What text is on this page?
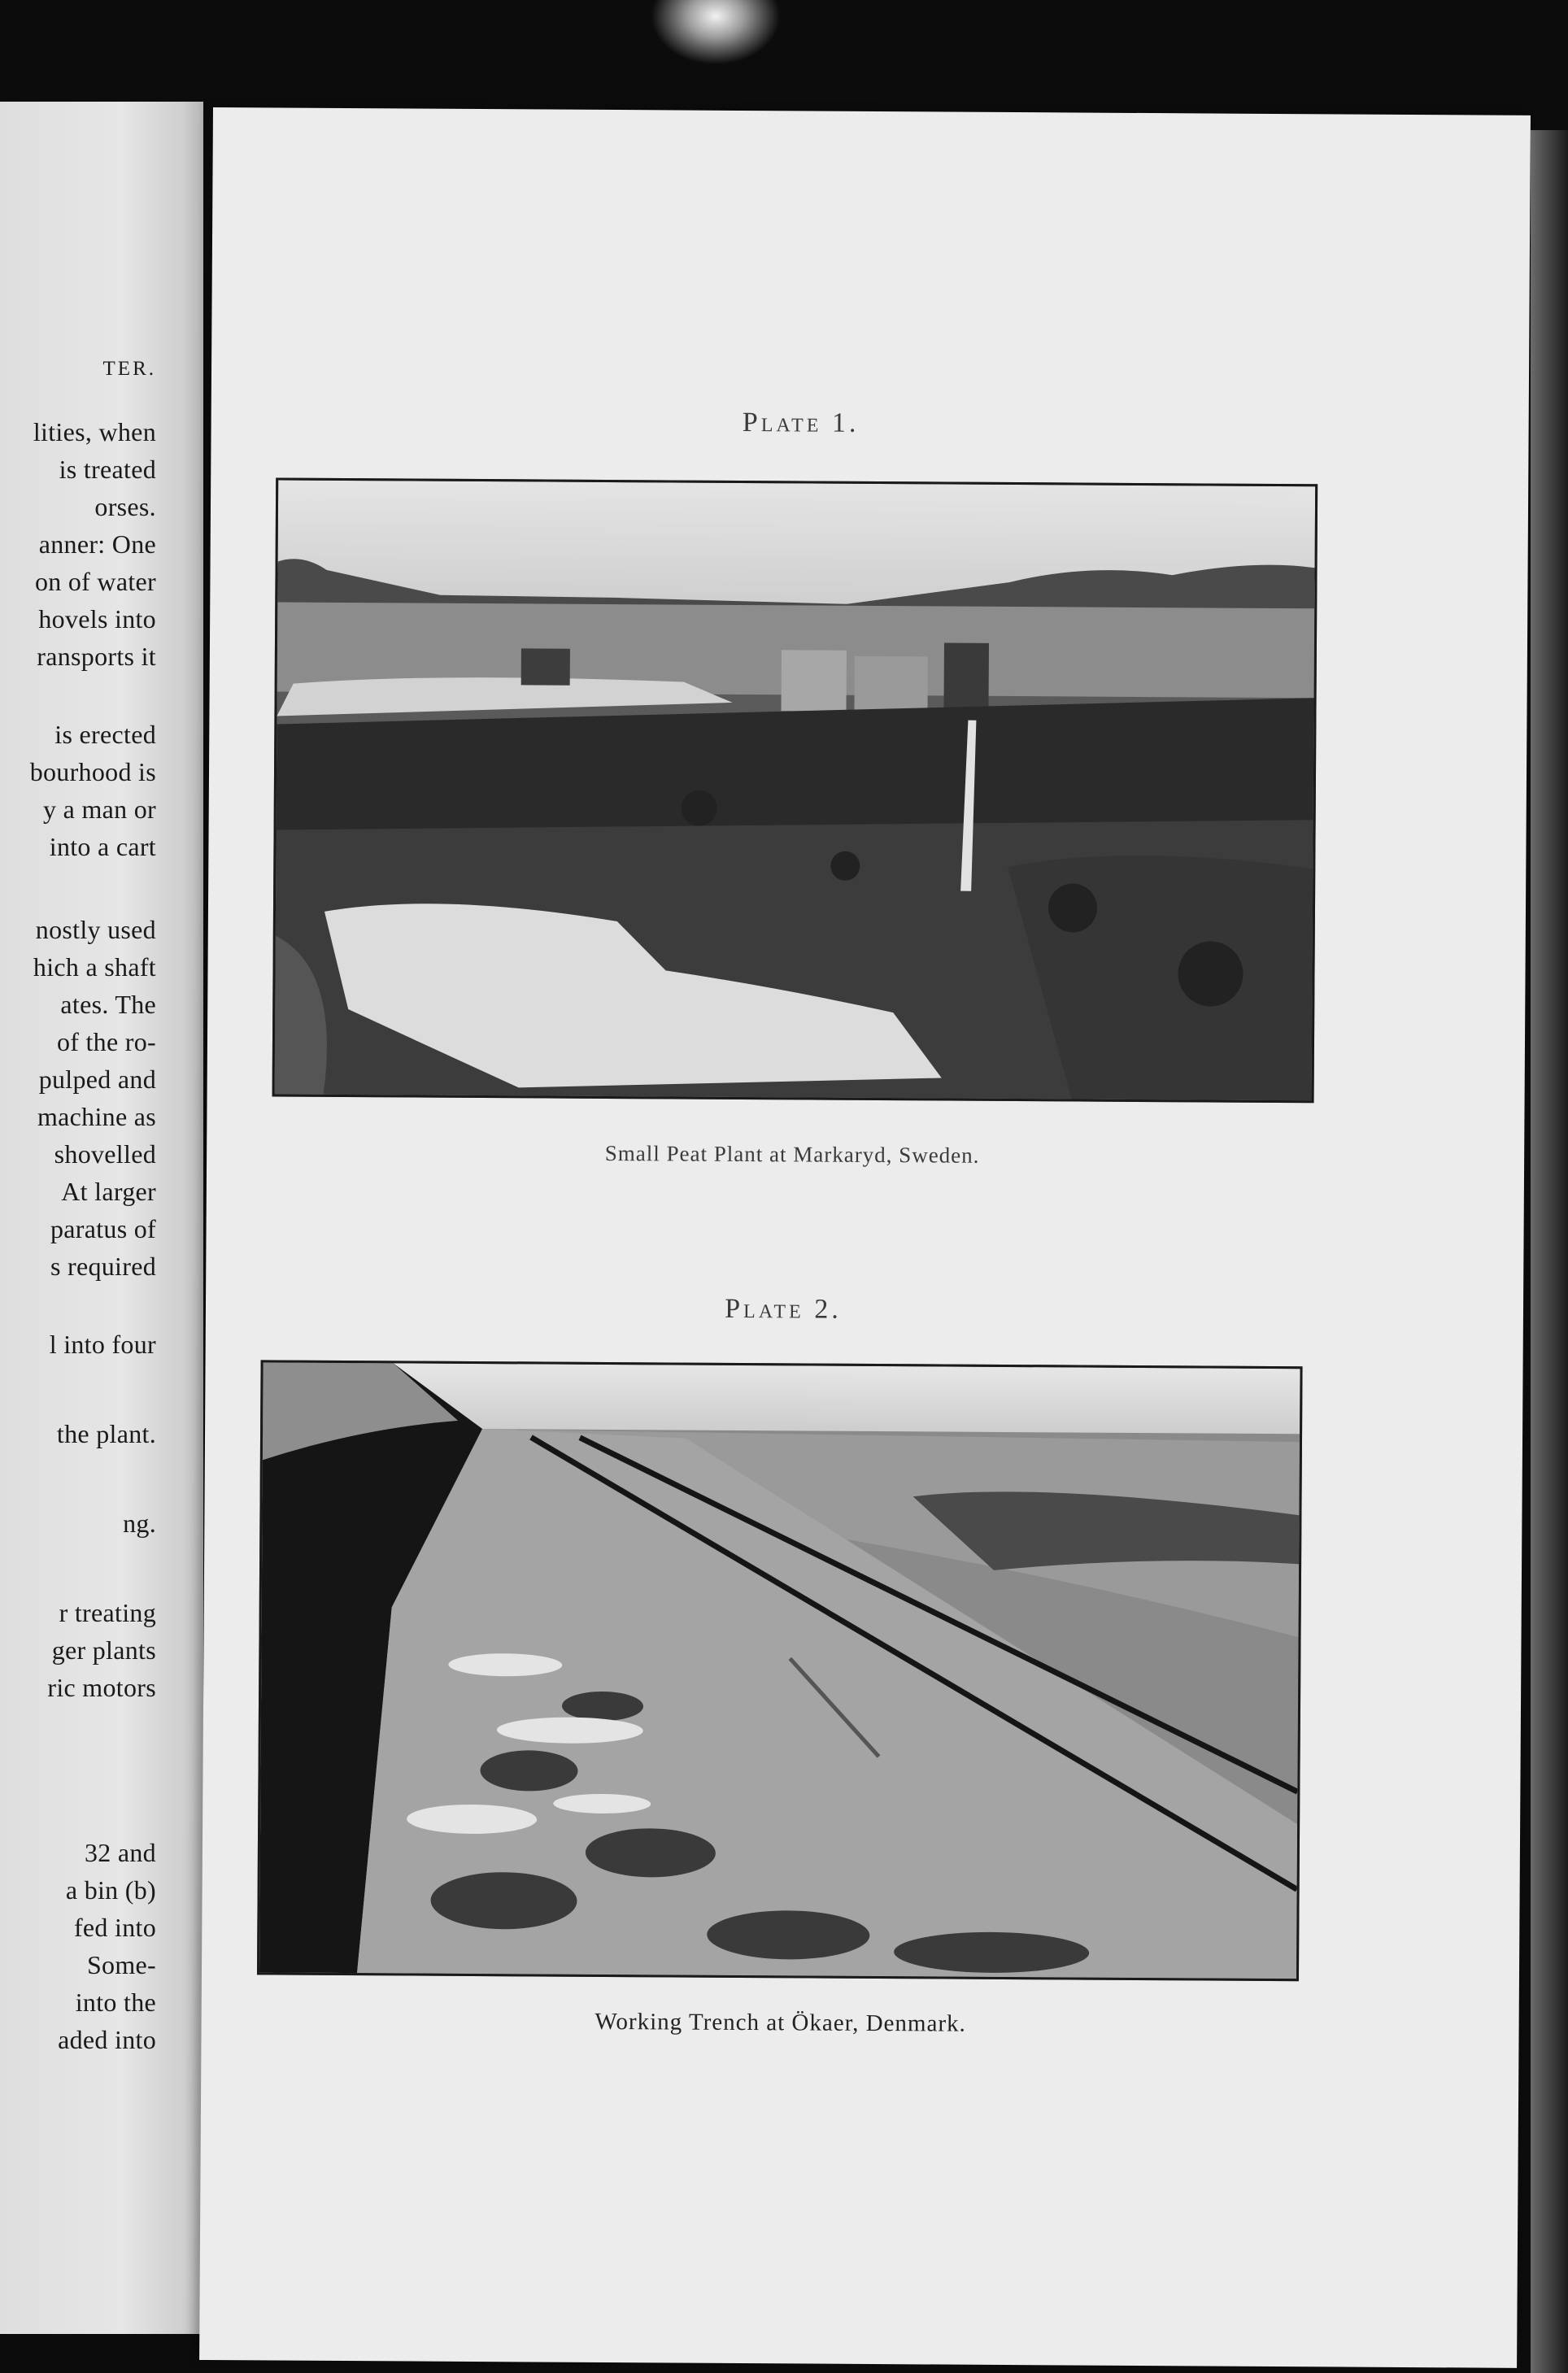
TER.
lities, when
is treated
orses.
anner: One
on of water
hovels into
ransports it
is erected
bourhood is
y a man or
into a cart
nostly used
hich a shaft
ates. The
of the ro-
pulped and
machine as
shovelled
At larger
paratus of
s required
l into four
the plant.
ng.
r treating
ger plants
ric motors
32 and
a bin (b)
fed into
Some-
into the
aded into
Plate 1.
Small Peat Plant at Markaryd, Sweden.
Plate 2.
Working Trench at Ökaer, Denmark.
